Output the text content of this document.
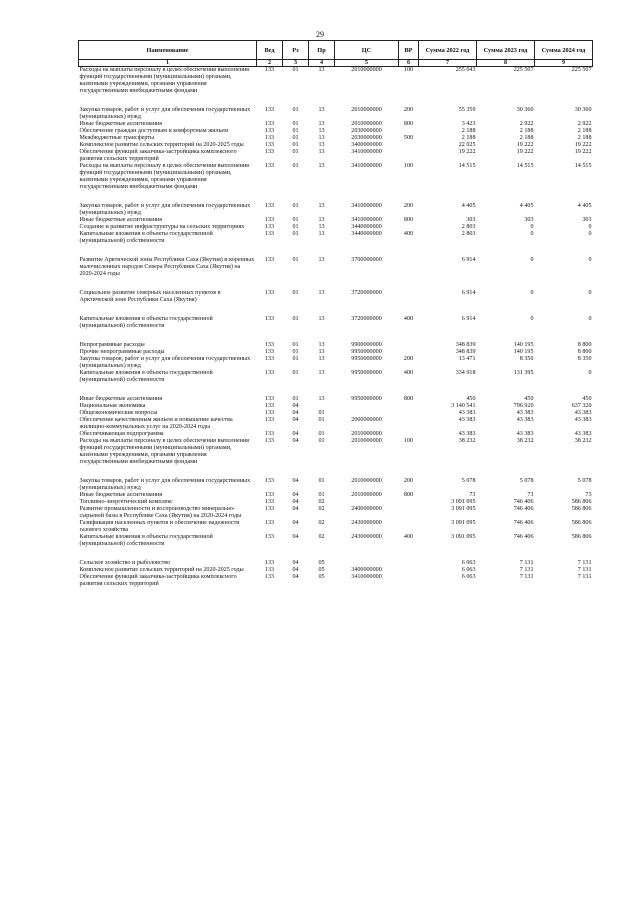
29
Наименование	Вед	Рз	Пр	ЦС	ВР	Сумма 2022 год	Сумма 2023 год	Сумма 2024 год
1	2	3	4	5	6	7	8	9
Расходы на выплаты персоналу в целях обеспечения выполнения функций государственными (муниципальными) органами, казенными учреждениями, органами управления государственными внебюджетными фондами	133	01	13	2010000000	100	255 043	225 507	225 507
Закупка товаров, работ и услуг для обеспечения государственных (муниципальных) нужд	133	01	13	2010000000	200	55 359	30 360	30 360
Иные бюджетные ассигнования	133	01	13	2010000000	800	3 423	2 922	2 922
Обеспечение граждан доступным и комфортным жильем	133	01	13	2030000000		2 188	2 188	2 188
Межбюджетные трансферты	133	01	13	2030000000	500	2 188	2 188	2 188
Комплексное развитие сельских территорий на 2020-2025 годы	133	01	13	3400000000		22 025	19 222	19 222
Обеспечение функций заказчика-застройщика комплексного развития сельских территорий	133	01	13	3410000000		19 222	19 222	19 222
Расходы на выплаты персоналу в целях обеспечения выполнения функций государственными (муниципальными) органами, казенными учреждениями, органами управления государственными внебюджетными фондами	133	01	13	3410000000	100	14 515	14 515	14 515
Закупка товаров, работ и услуг для обеспечения государственных (муниципальных) нужд	133	01	13	3410000000	200	4 405	4 405	4 405
Иные бюджетные ассигнования	133	01	13	3410000000	800	303	303	303
Создание и развитие инфраструктуры на сельских территориях	133	01	13	3440000000		2 803	0	0
Капитальные вложения в объекты государственной (муниципальной) собственности	133	01	13	3440000000	400	2 803	0	0
Развитие Арктической зоны Республики Саха (Якутия) и коренных малочисленных народов Севера Республики Саха (Якутия) на 2020-2024 годы	133	01	13	3700000000		6 914	0	0
Социальное развитие северных населенных пунктов в Арктической зоне Республики Саха (Якутия)	133	01	13	3720000000		6 914	0	0
Капитальные вложения в объекты государственной (муниципальной) собственности	133	01	13	3720000000	400	6 914	0	0
Непрограммные расходы	133	01	13	9900000000		348 839	140 195	8 800
Прочие непрограммные расходы	133	01	13	9950000000		348 839	140 195	8 800
Закупка товаров, работ и услуг для обеспечения государственных (муниципальных) нужд	133	01	13	9950000000	200	13 471	8 350	8 350
Капитальные вложения в объекты государственной (муниципальной) собственности	133	01	13	9950000000	400	334 918	131 395	0
Иные бюджетные ассигнования	133	01	13	9950000000	800	450	450	450
Национальная экономика	133	04				3 140 541	796 920	637 320
Общеэкономические вопросы	133	04	01			43 383	43 383	43 383
Обеспечение качественным жильем и повышение качества жилищно-коммунальных услуг на 2020-2024 годы	133	04	01	2000000000		43 383	43 383	43 383
Обеспечивающая подпрограмма	133	04	01	2010000000		43 383	43 383	43 383
Расходы на выплаты персоналу в целях обеспечения выполнения функций государственными (муниципальными) органами, казенными учреждениями, органами управления государственными внебюджетными фондами	133	04	01	2010000000	100	38 232	38 232	38 232
Закупка товаров, работ и услуг для обеспечения государственных (муниципальных) нужд	133	04	01	2010000000	200	5 078	5 078	5 078
Иные бюджетные ассигнования	133	04	01	2010000000	800	73	73	73
Топливно-энергетический комплекс	133	04	02			3 091 095	746 406	586 806
Развитие промышленности и воспроизводство минерально-сырьевой базы в Республике Саха (Якутия) на 2020-2024 годы	133	04	02	2400000000		3 091 095	746 406	586 806
Газификация населенных пунктов и обеспечение надежности газового хозяйства	133	04	02	2430000000		3 091 095	746 406	586 806
Капитальные вложения в объекты государственной (муниципальной) собственности	133	04	02	2430000000	400	3 091 095	746 406	586 806
Сельское хозяйство и рыболовство	133	04	05			6 063	7 131	7 131
Комплексное развитие сельских территорий на 2020-2025 годы	133	04	05	3400000000		6 063	7 131	7 131
Обеспечение функций заказчика-застройщика комплексного развития сельских территорий	133	04	05	3410000000		6 063	7 131	7 131
